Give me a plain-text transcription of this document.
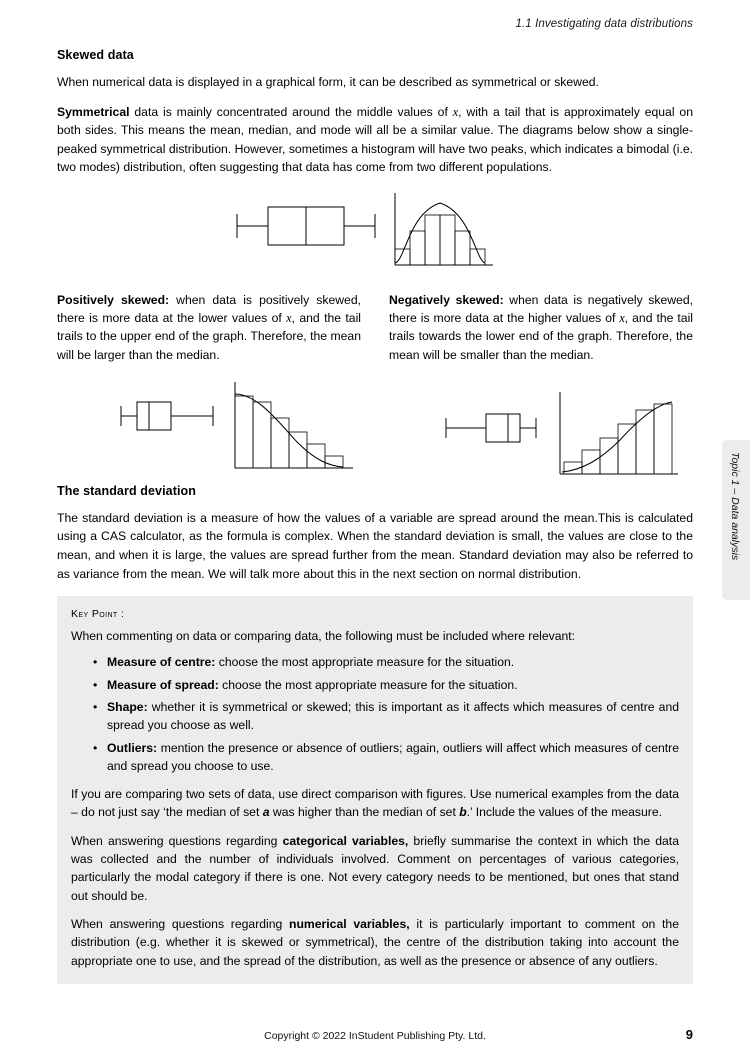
1.1 Investigating data distributions
Skewed data

When numerical data is displayed in a graphical form, it can be described as symmetrical or skewed.

Symmetrical data is mainly concentrated around the middle values of x, with a tail that is approximately equal on both sides. This means the mean, median, and mode will all be a similar value. The diagrams below show a single-peaked symmetrical distribution. However, sometimes a histogram will have two peaks, which indicates a bimodal (i.e. two modes) distribution, often suggesting that data has come from two different populations.

Positively skewed: when data is positively skewed, there is more data at the lower values of x, and the tail trails to the upper end of the graph. Therefore, the mean will be larger than the median.

Negatively skewed: when data is negatively skewed, there is more data at the higher values of x, and the tail trails towards the lower end of the graph. Therefore, the mean will be smaller than the median.

The standard deviation

The standard deviation is a measure of how the values of a variable are spread around the mean.This is calculated using a CAS calculator, as the formula is complex. When the standard deviation is small, the values are close to the mean, and when it is large, the values are spread further from the mean. Standard deviation may also be referred to as variance from the mean. We will talk more about this in the next section on normal distribution.

Key Point :

When commenting on data or comparing data, the following must be included where relevant:

• Measure of centre: choose the most appropriate measure for the situation.
• Measure of spread: choose the most appropriate measure for the situation.
• Shape: whether it is symmetrical or skewed; this is important as it affects which measures of centre and spread you choose as well.
• Outliers: mention the presence or absence of outliers; again, outliers will affect which measures of centre and spread you choose to use.

If you are comparing two sets of data, use direct comparison with figures. Use numerical examples from the data – do not just say ‘the median of set a was higher than the median of set b.’ Include the values of the measure.

When answering questions regarding categorical variables, briefly summarise the context in which the data was collected and the number of individuals involved. Comment on percentages of various categories, particularly the modal category if there is one. Not every category needs to be mentioned, but ones that stand out should be.

When answering questions regarding numerical variables, it is particularly important to comment on the distribution (e.g. whether it is skewed or symmetrical), the centre of the distribution taking into account the appropriate one to use, and the spread of the distribution, as well as the presence or absence of any outliers.

Topic 1 – Data analysis
Copyright © 2022 InStudent Publishing Pty. Ltd.	9
